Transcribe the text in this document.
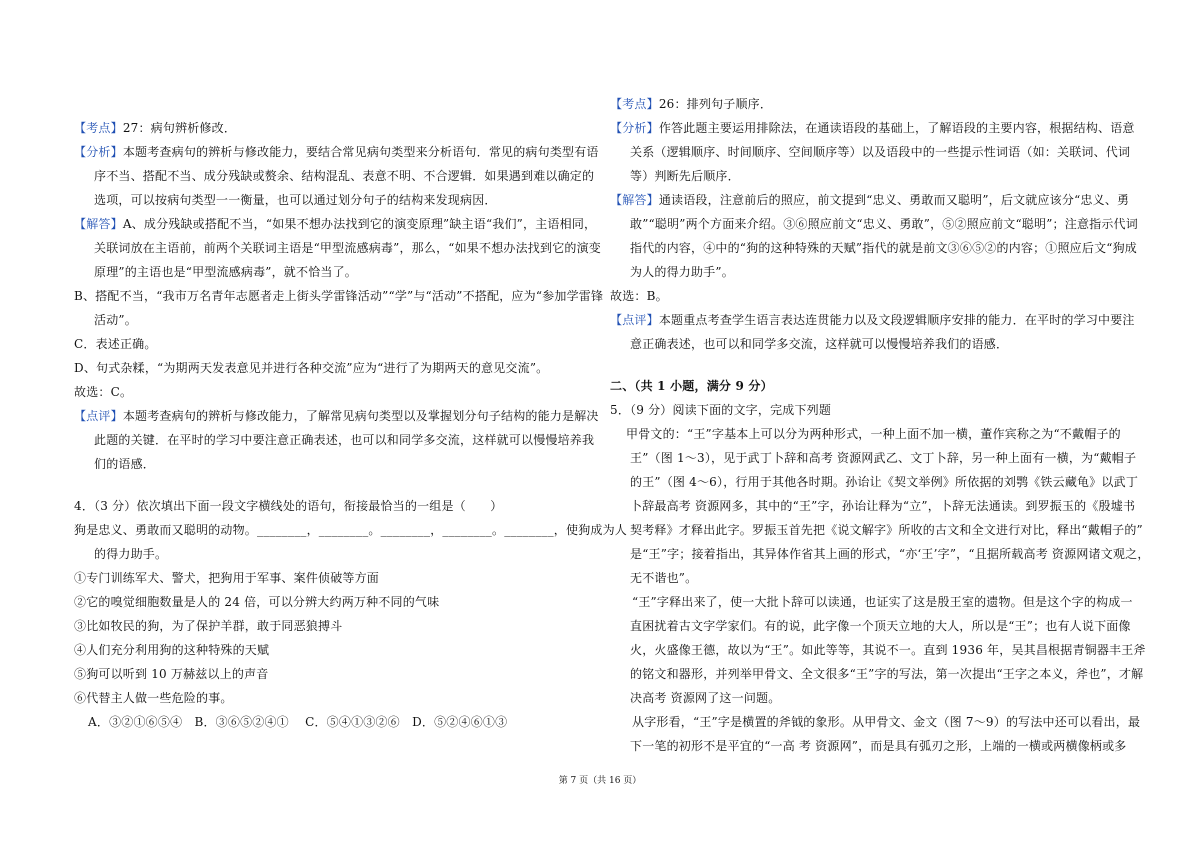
【考点】27：病句辨析修改．
【分析】本题考查病句的辨析与修改能力，要结合常见病句类型来分析语句．常见的病句类型有语
序不当、搭配不当、成分残缺或赘余、结构混乱、表意不明、不合逻辑．如果遇到难以确定的
选项，可以按病句类型一一衡量，也可以通过划分句子的结构来发现病因．
【解答】A、成分残缺或搭配不当，“如果不想办法找到它的演变原理”缺主语“我们”，主语相同，
关联词放在主语前，前两个关联词主语是“甲型流感病毒”，那么，“如果不想办法找到它的演变
原理”的主语也是“甲型流感病毒”，就不恰当了。
B、搭配不当，“我市万名青年志愿者走上街头学雷锋活动”“学”与“活动”不搭配，应为“参加学雷锋
活动”。
C．表述正确。
D、句式杂糅，“为期两天发表意见并进行各种交流”应为“进行了为期两天的意见交流”。
故选：C。
【点评】本题考查病句的辨析与修改能力，了解常见病句类型以及掌握划分句子结构的能力是解决
此题的关键．在平时的学习中要注意正确表述，也可以和同学多交流，这样就可以慢慢培养我
们的语感．
4．（3 分）依次填出下面一段文字横线处的语句，衔接最恰当的一组是（　　）
狗是忠义、勇敢而又聪明的动物。________，________。________，________。________，使狗成为人
的得力助手。
①专门训练军犬、警犬，把狗用于军事、案件侦破等方面
②它的嗅觉细胞数量是人的 24 倍，可以分辨大约两万种不同的气味
③比如牧民的狗，为了保护羊群，敢于同恶狼搏斗
④人们充分利用狗的这种特殊的天赋
⑤狗可以听到 10 万赫兹以上的声音
⑥代替主人做一些危险的事。
A．③②①⑥⑤④　B．③⑥⑤②④①　 C．⑤④①③②⑥　D．⑤②④⑥①③
【考点】26：排列句子顺序．
【分析】作答此题主要运用排除法，在通读语段的基础上，了解语段的主要内容，根据结构、语意
关系（逻辑顺序、时间顺序、空间顺序等）以及语段中的一些提示性词语（如：关联词、代词
等）判断先后顺序．
【解答】通读语段，注意前后的照应，前文提到“忠义、勇敢而又聪明”，后文就应该分“忠义、勇
敢”“聪明”两个方面来介绍。③⑥照应前文“忠义、勇敢”，⑤②照应前文“聪明”；注意指示代词
指代的内容，④中的“狗的这种特殊的天赋”指代的就是前文③⑥⑤②的内容；①照应后文“狗成
为人的得力助手”。
故选：B。
【点评】本题重点考查学生语言表达连贯能力以及文段逻辑顺序安排的能力．在平时的学习中要注
意正确表述，也可以和同学多交流，这样就可以慢慢培养我们的语感．
二、（共 1 小题，满分 9 分）
5．（9 分）阅读下面的文字，完成下列题
甲骨文的：“王”字基本上可以分为两种形式，一种上面不加一横，董作宾称之为“不戴帽子的
王”（图 1～3），见于武丁卜辞和高考 资源网武乙、文丁卜辞，另一种上面有一横，为“戴帽子
的王”（图 4～6），行用于其他各时期。孙诒让《契文举例》所依据的刘鹗《铁云藏龟》以武丁
卜辞最高考 资源网多，其中的“王”字，孙诒让释为“立”，卜辞无法通读。到罗振玉的《殷墟书
契考释》才释出此字。罗振玉首先把《说文解字》所收的古文和全文进行对比，释出“戴帽子的”
是“王”字；接着指出，其异体作省其上画的形式，“亦‘王’字”，“且据所载高考 资源网诸文观之，
无不谐也”。
“王”字释出来了，使一大批卜辞可以读通，也证实了这是殷王室的遗物。但是这个字的构成一
直困扰着古文字学家们。有的说，此字像一个顶天立地的大人，所以是“王”；也有人说下面像
火，火盛像王德，故以为“王”。如此等等，其说不一。直到 1936 年，吴其昌根据青铜器丰王斧
的铭文和器形，并列举甲骨文、全文很多“王”字的写法，第一次提出“王字之本义，斧也”，才解
决高考 资源网了这一问题。
从字形看，“王”字是横置的斧钺的象形。从甲骨文、金文（图 7～9）的写法中还可以看出，最
下一笔的初形不是平宜的“一高 考 资源网”，而是具有弧刃之形，上端的一横或两横像柄或多
第 7 页（共 16 页）
